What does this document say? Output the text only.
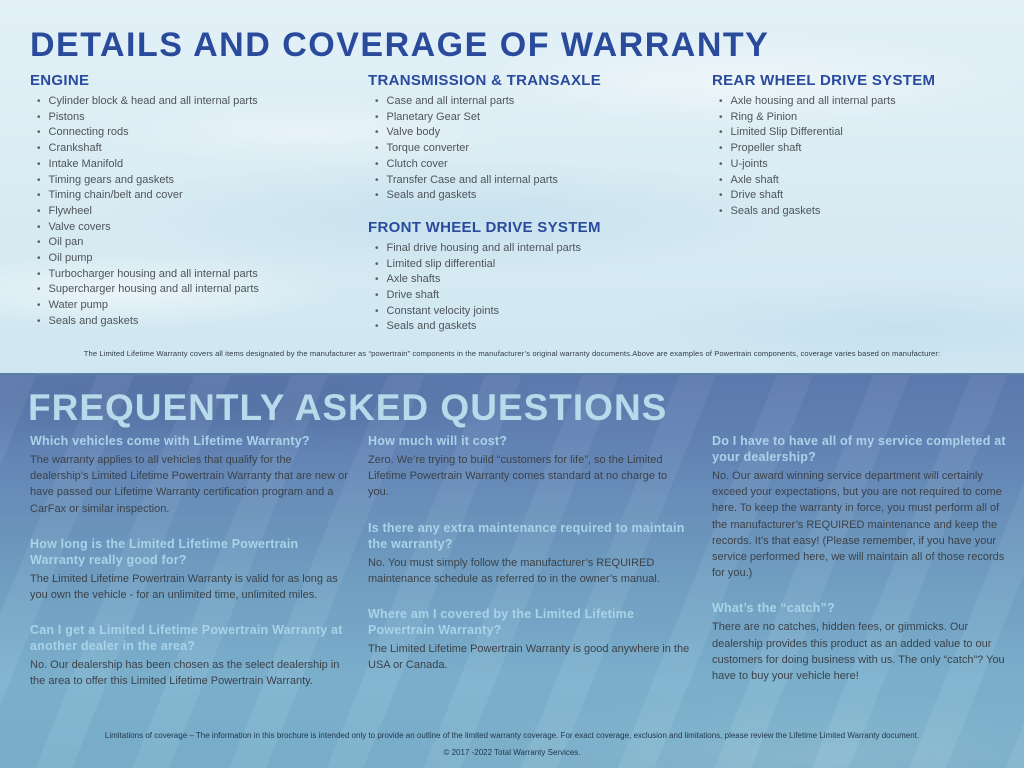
DETAILS AND COVERAGE OF WARRANTY
ENGINE
• Cylinder block & head and all internal parts
• Pistons
• Connecting rods
• Crankshaft
• Intake Manifold
• Timing gears and gaskets
• Timing chain/belt and cover
• Flywheel
• Valve covers
• Oil pan
• Oil pump
• Turbocharger housing and all internal parts
• Supercharger housing and all internal parts
• Water pump
• Seals and gaskets
TRANSMISSION & TRANSAXLE
• Case and all internal parts
• Planetary Gear Set
• Valve body
• Torque converter
• Clutch cover
• Transfer Case and all internal parts
• Seals and gaskets
FRONT WHEEL DRIVE SYSTEM
• Final drive housing and all internal parts
• Limited slip differential
• Axle shafts
• Drive shaft
• Constant velocity joints
• Seals and gaskets
REAR WHEEL DRIVE SYSTEM
• Axle housing and all internal parts
• Ring & Pinion
• Limited Slip Differential
• Propeller shaft
• U-joints
• Axle shaft
• Drive shaft
• Seals and gaskets
The Limited Lifetime Warranty covers all items designated by the manufacturer as “powertrain” components in the manufacturer’s original warranty documents.Above are examples of Powertrain components, coverage varies based on manufacturer:
FREQUENTLY ASKED QUESTIONS
Which vehicles come with Lifetime Warranty?
The warranty applies to all vehicles that qualify for the dealership’s Limited Lifetime Powertrain Warranty that are new or have passed our Lifetime Warranty certification program and a CarFax or similar inspection.
How long is the Limited Lifetime Powertrain Warranty really good for?
The Limited Lifetime Powertrain Warranty is valid for as long as you own the vehicle - for an unlimited time, unlimited miles.
Can I get a Limited Lifetime Powertrain Warranty at another dealer in the area?
No. Our dealership has been chosen as the select dealership in the area to offer this Limited Lifetime Powertrain Warranty.
How much will it cost?
Zero. We’re trying to build “customers for life”, so the Limited Lifetime Powertrain Warranty comes standard at no charge to you.
Is there any extra maintenance required to maintain the warranty?
No. You must simply follow the manufacturer’s REQUIRED maintenance schedule as referred to in the owner’s manual.
Where am I covered by the Limited Lifetime Powertrain Warranty?
The Limited Lifetime Powertrain Warranty is good anywhere in the USA or Canada.
Do I have to have all of my service completed at your dealership?
No. Our award winning service department will certainly exceed your expectations, but you are not required to come here. To keep the warranty in force, you must perform all of the manufacturer’s REQUIRED maintenance and keep the records. It’s that easy! (Please remember, if you have your service performed here, we will maintain all of those records for you.)
What’s the “catch”?
There are no catches, hidden fees, or gimmicks. Our dealership provides this product as an added value to our customers for doing business with us. The only “catch”? You have to buy your vehicle here!
Limitations of coverage – The information in this brochure is intended only to provide an outline of the limited warranty coverage. For exact coverage, exclusion and limitations, please review the Lifetime Limited Warranty document.
© 2017 -2022 Total Warranty Services.
